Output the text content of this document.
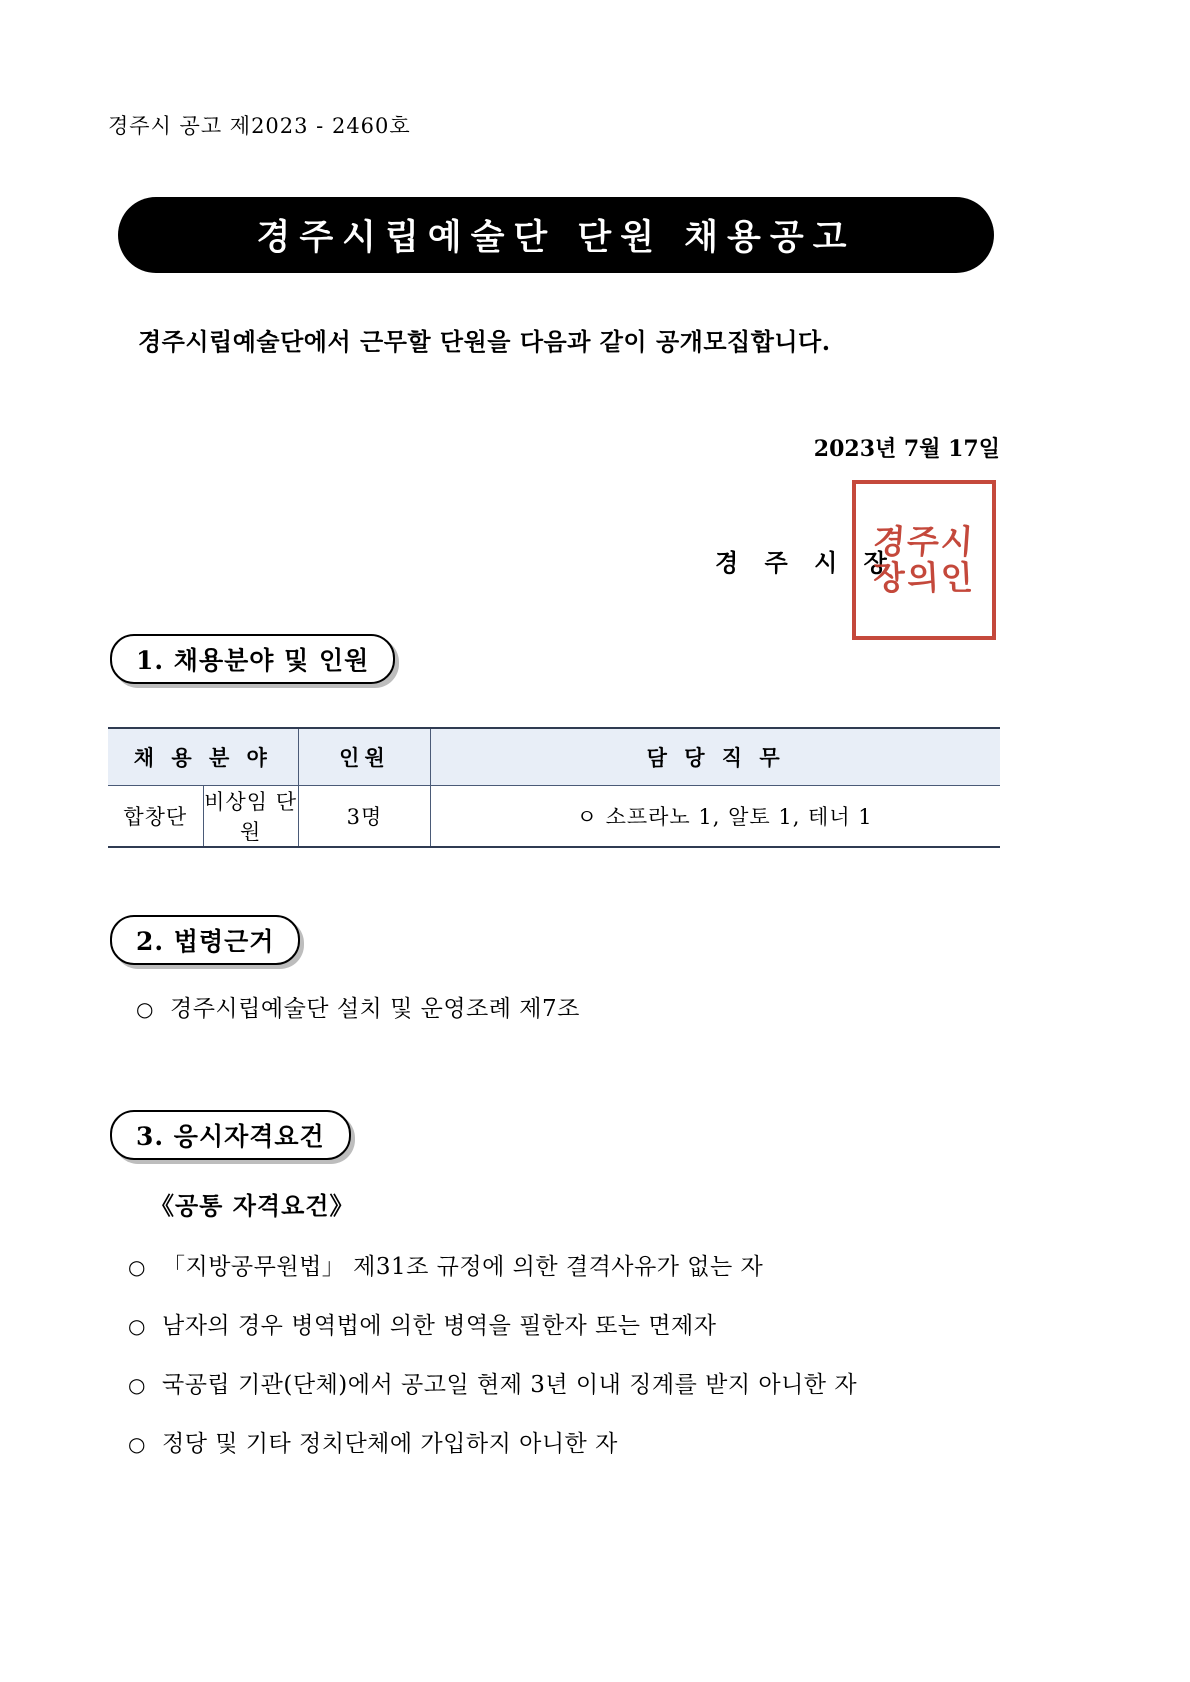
경주시 공고 제2023 - 2460호
경주시립예술단 단원 채용공고
경주시립예술단에서 근무할 단원을 다음과 같이 공개모집합니다.
2023년 7월 17일
경 주 시 장
경주시
장의인
1. 채용분야 및 인원
채 용 분 야		인원	담 당 직 무
합창단	비상임 단원	3명	ㅇ 소프라노 1, 알토 1, 테너 1
2. 법령근거
○ 경주시립예술단 설치 및 운영조례 제7조
3. 응시자격요건
《공통 자격요건》
○ 「지방공무원법」 제31조 규정에 의한 결격사유가 없는 자
○ 남자의 경우 병역법에 의한 병역을 필한자 또는 면제자
○ 국공립 기관(단체)에서 공고일 현제 3년 이내 징계를 받지 아니한 자
○ 정당 및 기타 정치단체에 가입하지 아니한 자
